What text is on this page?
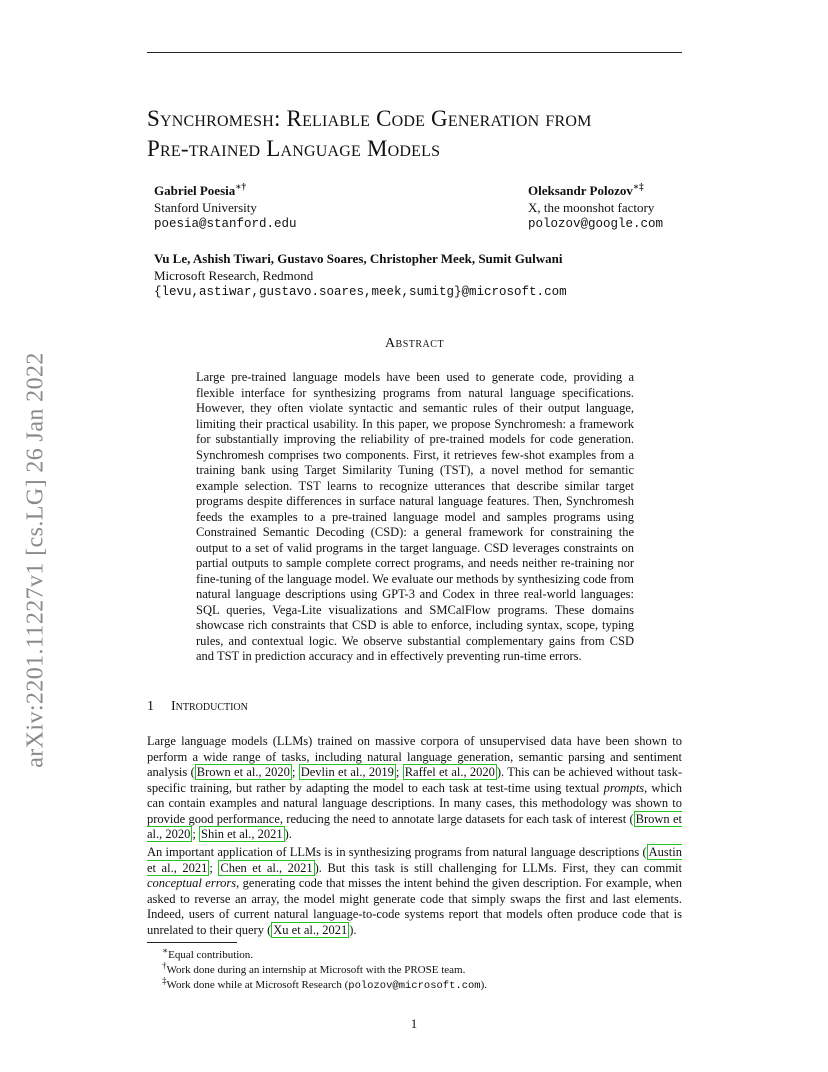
arXiv:2201.11227v1 [cs.LG] 26 Jan 2022
Synchromesh: Reliable Code Generation from
Pre-trained Language Models
Gabriel Poesia∗†
Stanford University
poesia@stanford.edu
Oleksandr Polozov∗‡
X, the moonshot factory
polozov@google.com
Vu Le, Ashish Tiwari, Gustavo Soares, Christopher Meek, Sumit Gulwani
Microsoft Research, Redmond
{levu,astiwar,gustavo.soares,meek,sumitg}@microsoft.com
Abstract

Large pre-trained language models have been used to generate code, providing a flexible interface for synthesizing programs from natural language specifications. However, they often violate syntactic and semantic rules of their output language, limiting their practical usability. In this paper, we propose Synchromesh: a framework for substantially improving the reliability of pre-trained models for code generation. Synchromesh comprises two components. First, it retrieves few-shot examples from a training bank using Target Similarity Tuning (TST), a novel method for semantic example selection. TST learns to recognize utterances that describe similar target programs despite differences in surface natural language features. Then, Synchromesh feeds the examples to a pre-trained language model and samples programs using Constrained Semantic Decoding (CSD): a general framework for constraining the output to a set of valid programs in the target language. CSD leverages constraints on partial outputs to sample complete correct programs, and needs neither re-training nor fine-tuning of the language model. We evaluate our methods by synthesizing code from natural language descriptions using GPT-3 and Codex in three real-world languages: SQL queries, Vega-Lite visualizations and SMCalFlow programs. These domains showcase rich constraints that CSD is able to enforce, including syntax, scope, typing rules, and contextual logic. We observe substantial complementary gains from CSD and TST in prediction accuracy and in effectively preventing run-time errors.

1 Introduction

Large language models (LLMs) trained on massive corpora of unsupervised data have been shown to perform a wide range of tasks, including natural language generation, semantic parsing and sentiment analysis ( Brown et al., 2020 ; Devlin et al., 2019 ; Raffel et al., 2020 ). This can be achieved without task-specific training, but rather by adapting the model to each task at test-time using textual prompts, which can contain examples and natural language descriptions. In many cases, this methodology was shown to provide good performance, reducing the need to annotate large datasets for each task of interest ( Brown et al., 2020 ; Shin et al., 2021 ).

An important application of LLMs is in synthesizing programs from natural language descriptions ( Austin et al., 2021 ; Chen et al., 2021 ). But this task is still challenging for LLMs. First, they can commit conceptual errors, generating code that misses the intent behind the given description. For example, when asked to reverse an array, the model might generate code that simply swaps the first and last elements. Indeed, users of current natural language-to-code systems report that models often produce code that is unrelated to their query ( Xu et al., 2021 ).

∗Equal contribution.
†Work done during an internship at Microsoft with the PROSE team.
‡Work done while at Microsoft Research (polozov@microsoft.com).
1
